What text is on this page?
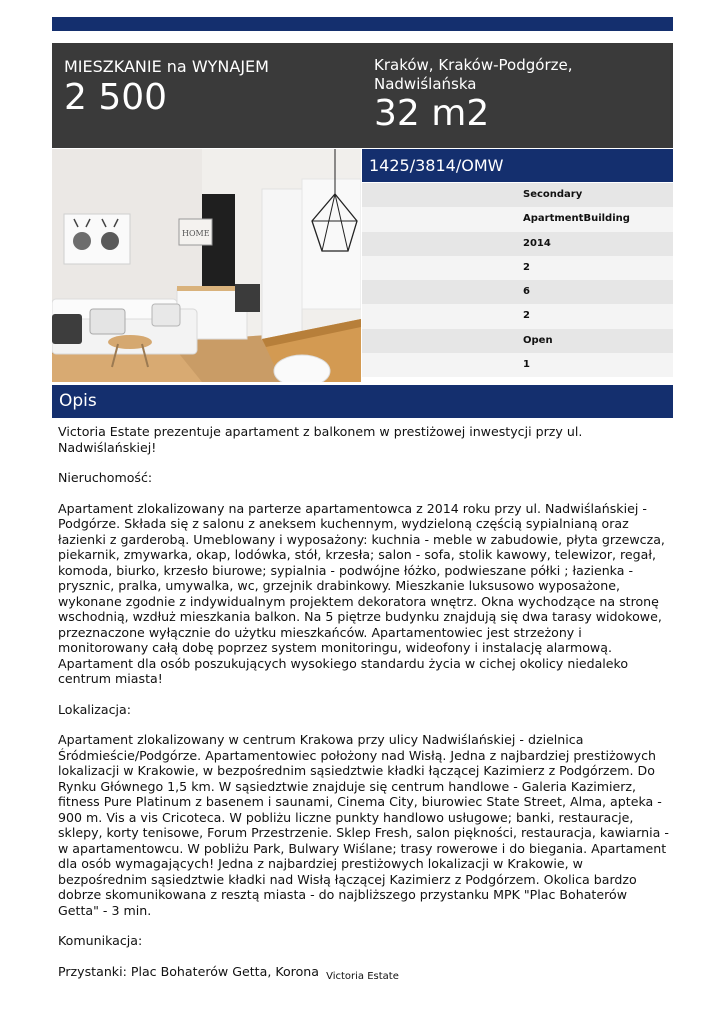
MIESZKANIE na WYNAJEM
2 500
Kraków, Kraków-Podgórze, Nadwiślańska
32 m2
HOME
1425/3814/OMW
Secondary
ApartmentBuilding
2014
2
6
2
Open
1
Opis

Victoria Estate prezentuje apartament z balkonem w prestiżowej inwestycji przy ul. Nadwiślańskiej!

Nieruchomość:

Apartament zlokalizowany na parterze apartamentowca z 2014 roku przy ul. Nadwiślańskiej - Podgórze. Składa się z salonu z aneksem kuchennym, wydzieloną częścią sypialnianą oraz łazienki z garderobą. Umeblowany i wyposażony: kuchnia - meble w zabudowie, płyta grzewcza, piekarnik, zmywarka, okap, lodówka, stół, krzesła; salon - sofa, stolik kawowy, telewizor, regał, komoda, biurko, krzesło biurowe; sypialnia - podwójne łóżko, podwieszane półki ; łazienka - prysznic, pralka, umywalka, wc, grzejnik drabinkowy. Mieszkanie luksusowo wyposażone, wykonane zgodnie z indywidualnym projektem dekoratora wnętrz. Okna wychodzące na stronę wschodnią, wzdłuż mieszkania balkon. Na 5 piętrze budynku znajdują się dwa tarasy widokowe, przeznaczone wyłącznie do użytku mieszkańców. Apartamentowiec jest strzeżony i monitorowany całą dobę poprzez system monitoringu, wideofony i instalację alarmową. Apartament dla osób poszukujących wysokiego standardu życia w cichej okolicy niedaleko centrum miasta!

Lokalizacja:

Apartament zlokalizowany w centrum Krakowa przy ulicy Nadwiślańskiej - dzielnica Śródmieście/Podgórze. Apartamentowiec położony nad Wisłą. Jedna z najbardziej prestiżowych lokalizacji w Krakowie, w bezpośrednim sąsiedztwie kładki łączącej Kazimierz z Podgórzem. Do Rynku Głównego 1,5 km. W sąsiedztwie znajduje się centrum handlowe - Galeria Kazimierz, fitness Pure Platinum z basenem i saunami, Cinema City, biurowiec State Street, Alma, apteka - 900 m. Vis a vis Cricoteca. W pobliżu liczne punkty handlowo usługowe; banki, restauracje, sklepy, korty tenisowe, Forum Przestrzenie. Sklep Fresh, salon piękności, restauracja, kawiarnia - w apartamentowcu. W pobliżu Park, Bulwary Wiślane; trasy rowerowe i do biegania. Apartament dla osób wymagających! Jedna z najbardziej prestiżowych lokalizacji w Krakowie, w bezpośrednim sąsiedztwie kładki nad Wisłą łączącej Kazimierz z Podgórzem. Okolica bardzo dobrze skomunikowana z resztą miasta - do najbliższego przystanku MPK "Plac Bohaterów Getta" - 3 min.

Komunikacja:

Przystanki: Plac Bohaterów Getta, Korona Victoria Estate
